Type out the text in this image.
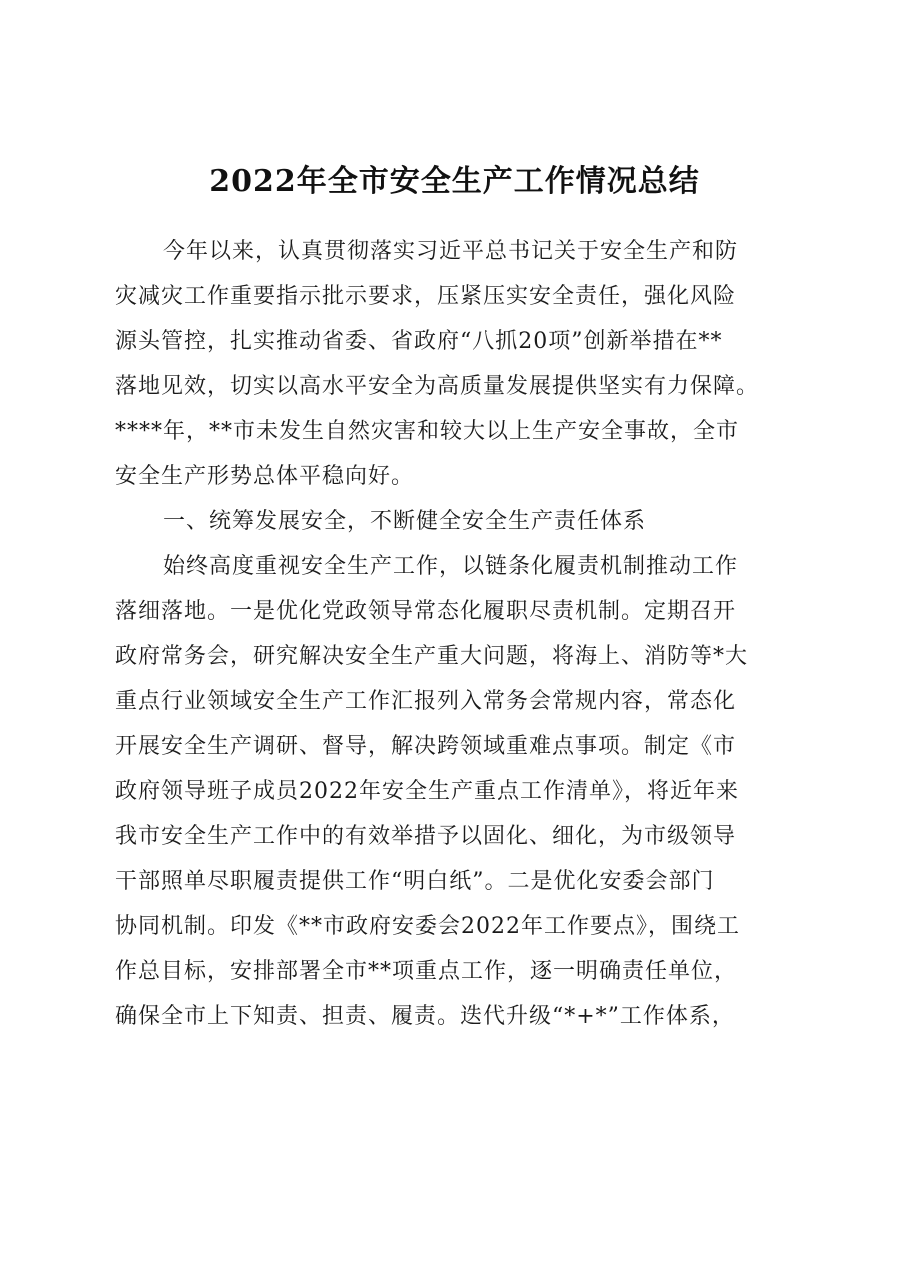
2022年全市安全生产工作情况总结
今年以来，认真贯彻落实习近平总书记关于安全生产和防
灾减灾工作重要指示批示要求，压紧压实安全责任，强化风险
源头管控，扎实推动省委、省政府“八抓20项”创新举措在**
落地见效，切实以高水平安全为高质量发展提供坚实有力保障。
****年，**市未发生自然灾害和较大以上生产安全事故，全市
安全生产形势总体平稳向好。
一、统筹发展安全，不断健全安全生产责任体系
始终高度重视安全生产工作，以链条化履责机制推动工作
落细落地。一是优化党政领导常态化履职尽责机制。定期召开
政府常务会，研究解决安全生产重大问题，将海上、消防等*大
重点行业领域安全生产工作汇报列入常务会常规内容，常态化
开展安全生产调研、督导，解决跨领域重难点事项。制定《市
政府领导班子成员2022年安全生产重点工作清单》，将近年来
我市安全生产工作中的有效举措予以固化、细化，为市级领导
干部照单尽职履责提供工作“明白纸”。二是优化安委会部门
协同机制。印发《**市政府安委会2022年工作要点》，围绕工
作总目标，安排部署全市**项重点工作，逐一明确责任单位，
确保全市上下知责、担责、履责。迭代升级“*+*”工作体系，
